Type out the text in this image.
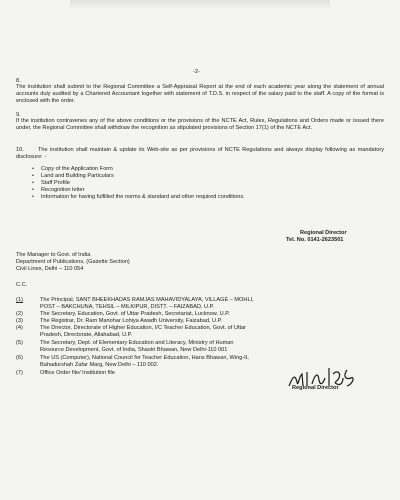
-2-
8.
The institution shall submit to the Regional Committee a Self-Appraisal Report at the end of each academic year along the statement of annual accounts duly audited by a Chartered Accountant together with statement of T.D.S. in respect of the salary paid to the staff. A copy of the format is enclosed with the order.
9.
If the institution contravenes any of the above conditions or the provisions of the NCTE Act, Rules, Regulations and Orders made or issued there under, the Regional Committee shall withdraw the recognition as stipulated provisions of Section 17(1) of the NCTE Act.
10.	The institution shall maintain & update its Web-site as per provisions of NCTE Regulations and always display following as mandatory disclosure: -
• Copy of the Application Form
• Land and Building Particulars
• Staff Profile
• Recognition letter
• Information for having fulfilled the norms & standard and other required conditions.
Regional Director
Tel. No. 0141-2623501
The Manager to Govt. of India
Department of Publications, (Gazette Section)
Civil Lines, Delhi – 110 054
C.C.
(1)	The Principal, SANT BHEEKHADAS RAMJAS MAHAVIDYALAYA, VILLAGE – MOHLI,
POST – BAKCHUNA, TEHSIL – MILKIPUR, DISTT. – FAIZABAD, U.P.
(2)	The Secretary, Education, Govt. of Uttar Pradesh, Secretariat, Lucknow, U.P.
(3)	The Registrar, Dr. Ram Manohar Lohiya Awadh University, Faizabad, U.P.
(4)	The Director, Directorate of Higher Education, I/C Teacher Education, Govt. of Uttar
Pradesh, Directorate, Allahabad, U.P.
(5)	The Secretary, Dept. of Elementary Education and Literacy, Ministry of Human
Resource Development, Govt. of India, Shastri Bhawan, New Delhi-110 001
(6)	The US (Computer), National Council for Teacher Education, Hans Bhawan, Wing-II,
Bahadurshah Zafar Marg, New Delhi – 110 002.
(7)	Office Order file/ Institution file
Regional Director
